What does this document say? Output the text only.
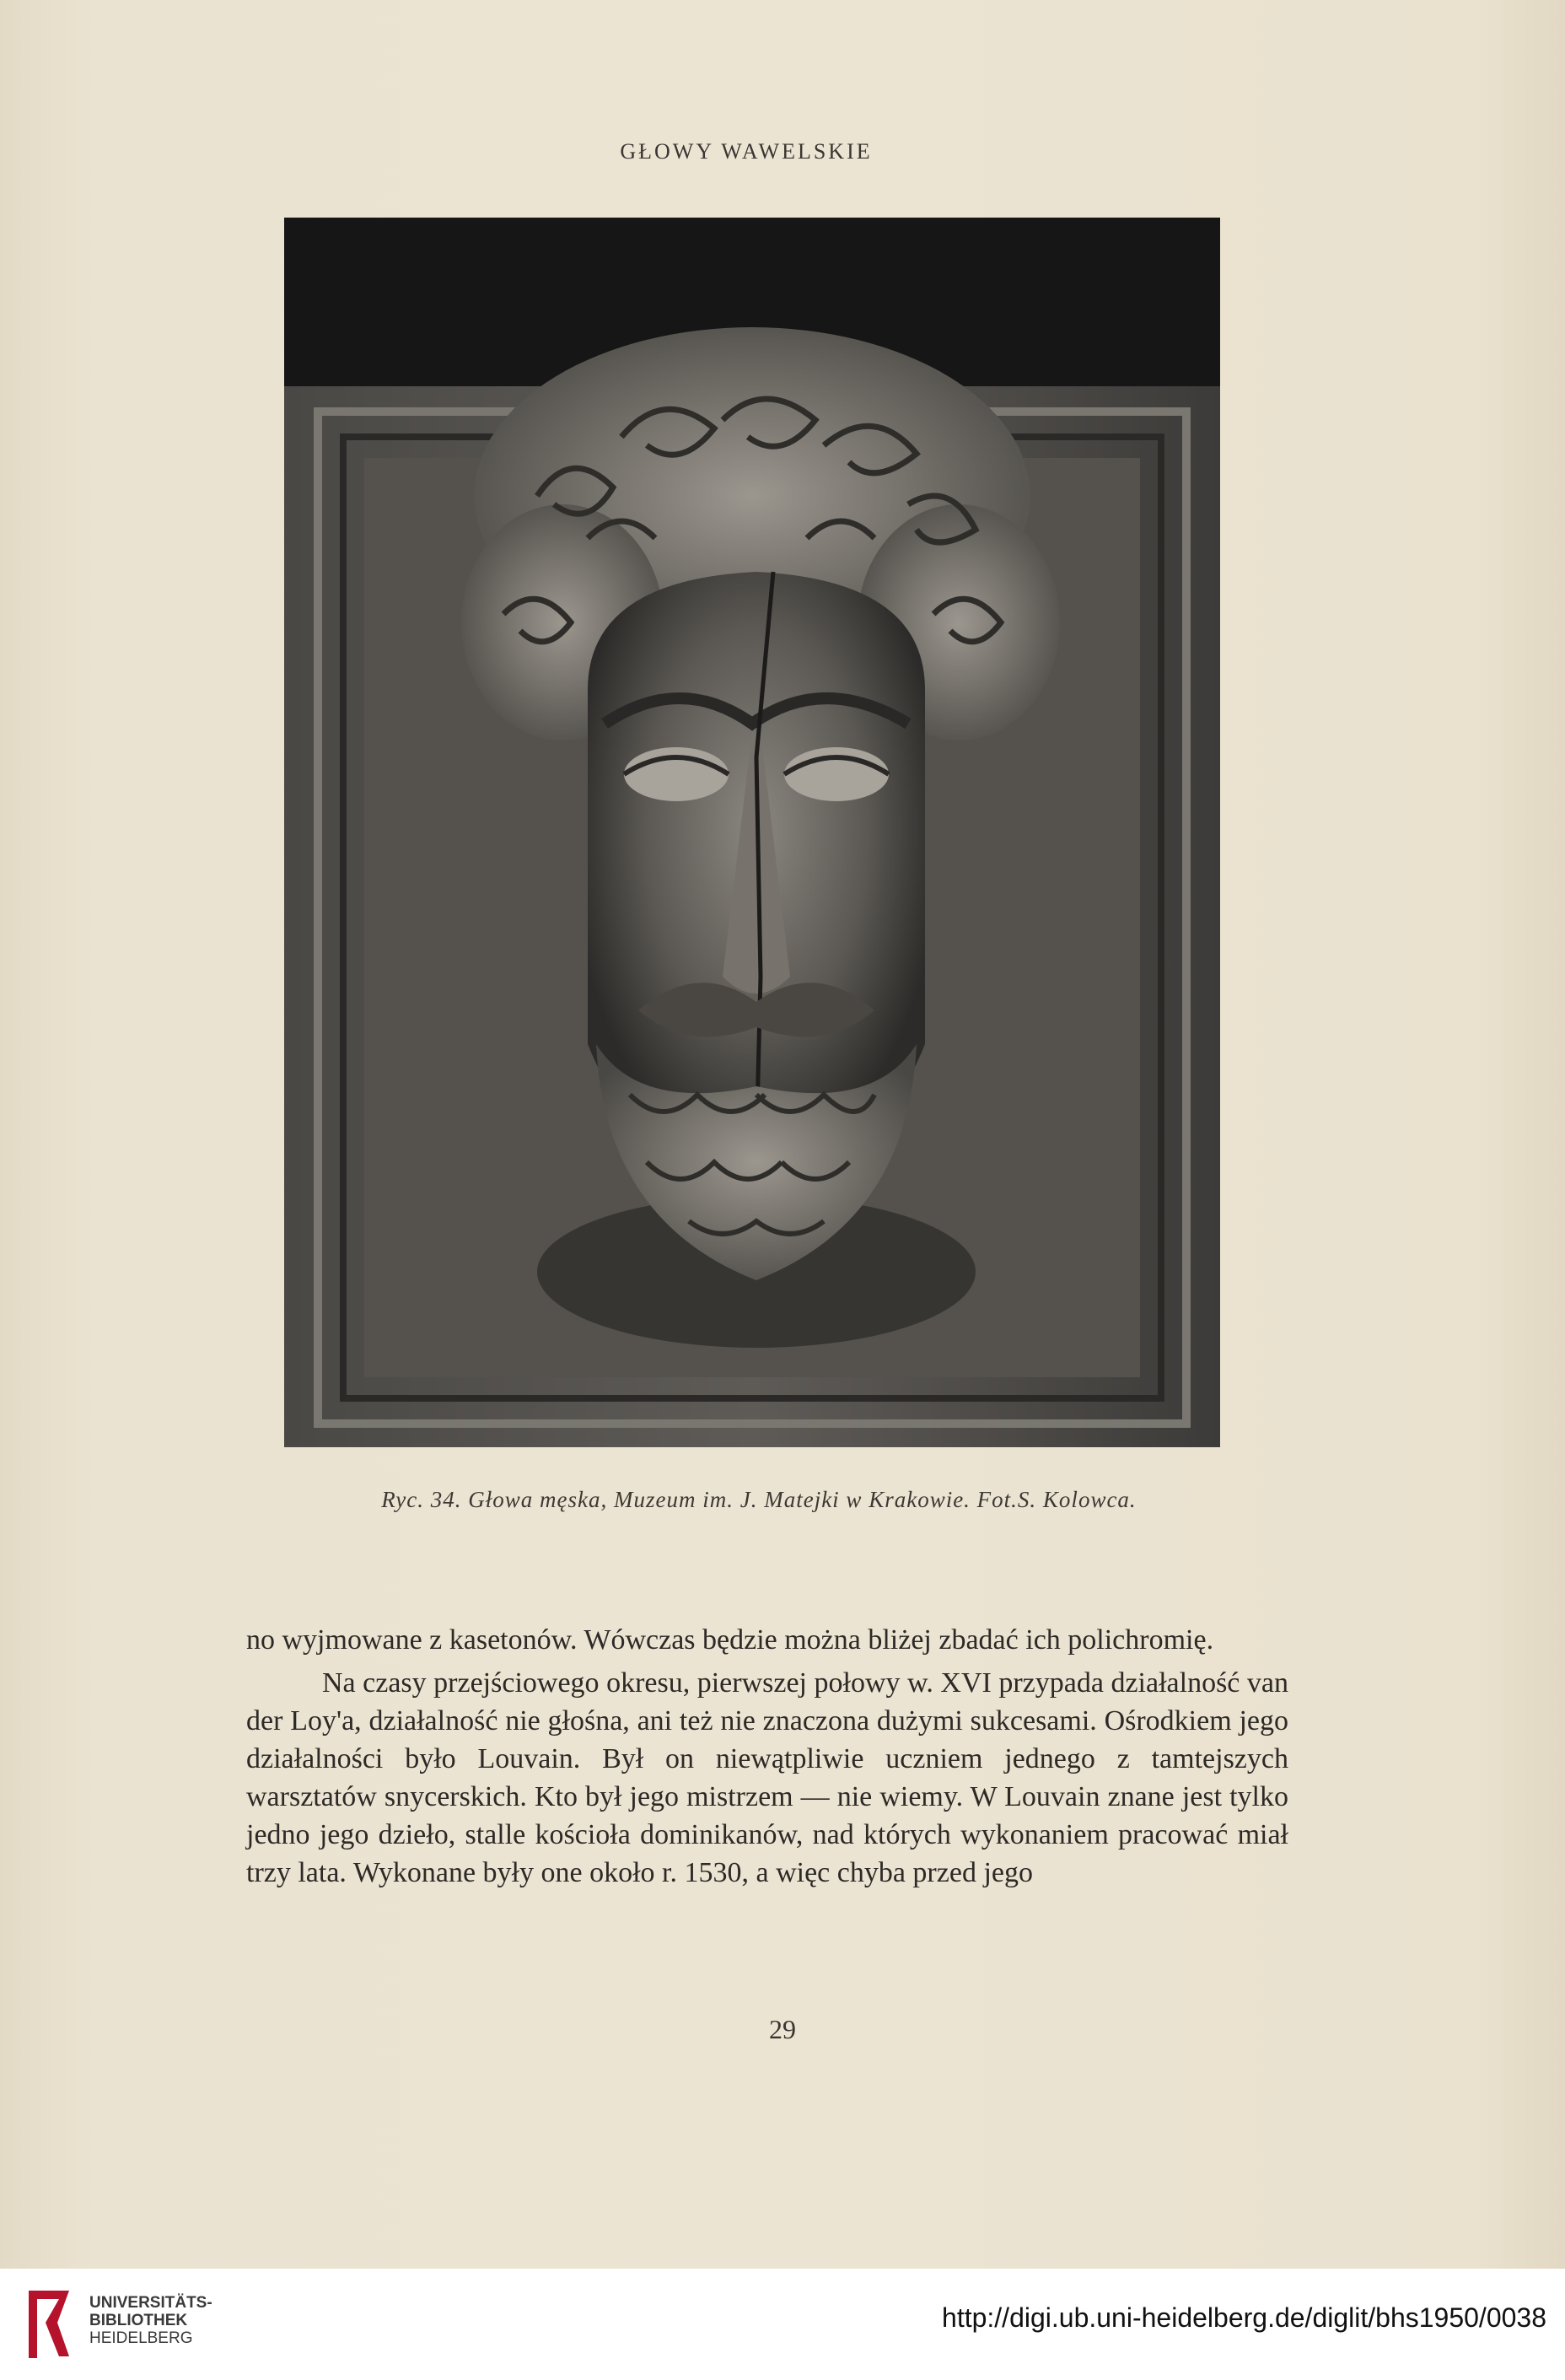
GŁOWY WAWELSKIE
Ryc. 34. Głowa męska, Muzeum im. J. Matejki w Krakowie. Fot.S. Kolowca.

no wyjmowane z kasetonów. Wówczas będzie można bliżej zbadać ich polichromię.

Na czasy przejściowego okresu, pierwszej połowy w. XVI przypada działalność van der Loy'a, działalność nie głośna, ani też nie znaczona dużymi sukcesami. Ośrodkiem jego działalności było Louvain. Był on niewątpliwie uczniem jednego z tamtejszych warsztatów snycerskich. Kto był jego mistrzem — nie wiemy. W Louvain znane jest tylko jedno jego dzieło, stalle kościoła dominikanów, nad których wykonaniem pracować miał trzy lata. Wykonane były one około r. 1530, a więc chyba przed jego

29
UNIVERSITÄTS-
BIBLIOTHEK
HEIDELBERG
http://digi.ub.uni-heidelberg.de/diglit/bhs1950/0038
